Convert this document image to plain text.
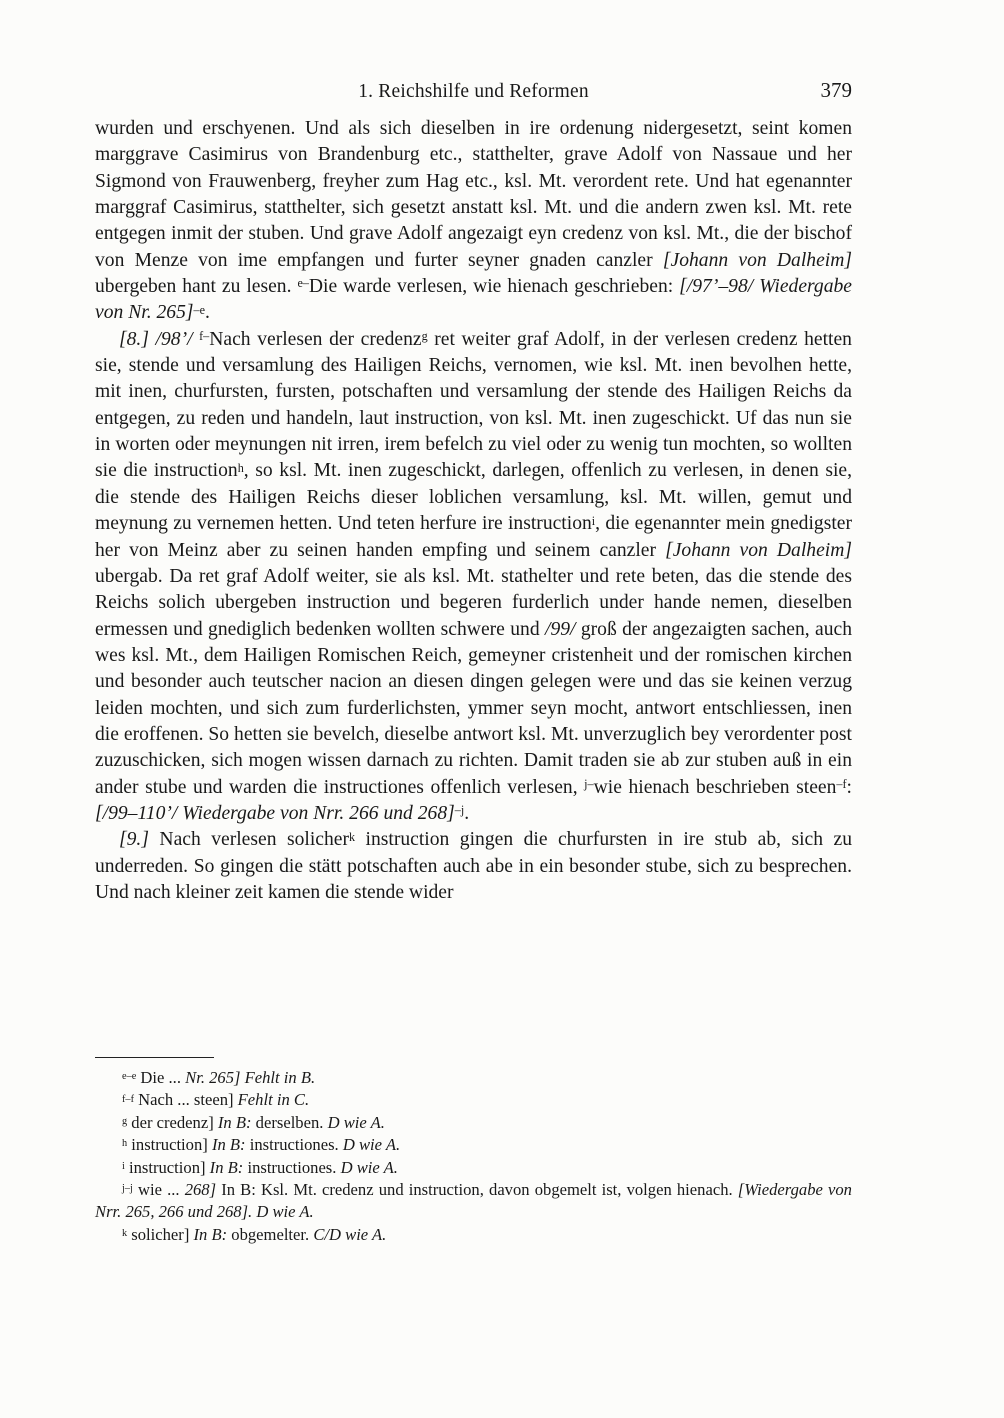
1. Reichshilfe und Reformen	379

wurden und erschyenen. Und als sich dieselben in ire ordenung nidergesetzt, seint komen marggrave Casimirus von Brandenburg etc., statthelter, grave Adolf von Nassaue und her Sigmond von Frauwenberg, freyher zum Hag etc., ksl. Mt. verordent rete. Und hat egenannter marggraf Casimirus, statthelter, sich gesetzt anstatt ksl. Mt. und die andern zwen ksl. Mt. rete entgegen inmit der stuben. Und grave Adolf angezaigt eyn credenz von ksl. Mt., die der bischof von Menze von ime empfangen und furter seyner gnaden canzler [Johann von Dalheim] ubergeben hant zu lesen. $^{e-}$Die warde verlesen, wie hienach geschrieben: [/97’–98/ Wiedergabe von Nr. 265]$^{-e}$.

[8.] /98’/ $^{f-}$Nach verlesen der credenz$^g$ ret weiter graf Adolf, in der verlesen credenz hetten sie, stende und versamlung des Hailigen Reichs, vernomen, wie ksl. Mt. inen bevolhen hette, mit inen, churfursten, fursten, potschaften und versamlung der stende des Hailigen Reichs da entgegen, zu reden und handeln, laut instruction, von ksl. Mt. inen zugeschickt. Uf das nun sie in worten oder meynungen nit irren, irem befelch zu viel oder zu wenig tun mochten, so wollten sie die instruction$^h$, so ksl. Mt. inen zugeschickt, darlegen, offenlich zu verlesen, in denen sie, die stende des Hailigen Reichs dieser loblichen versamlung, ksl. Mt. willen, gemut und meynung zu vernemen hetten. Und teten herfure ire instruction$^i$, die egenannter mein gnedigster her von Meinz aber zu seinen handen empfing und seinem canzler [Johann von Dalheim] ubergab. Da ret graf Adolf weiter, sie als ksl. Mt. stathelter und rete beten, das die stende des Reichs solich ubergeben instruction und begeren furderlich under hande nemen, dieselben ermessen und gnediglich bedenken wollten schwere und /99/ groß der angezaigten sachen, auch wes ksl. Mt., dem Hailigen Romischen Reich, gemeyner cristenheit und der romischen kirchen und besonder auch teutscher nacion an diesen dingen gelegen were und das sie keinen verzug leiden mochten, und sich zum furderlichsten, ymmer seyn mocht, antwort entschliessen, inen die eroffenen. So hetten sie bevelch, dieselbe antwort ksl. Mt. unverzuglich bey verordenter post zuzuschicken, sich mogen wissen darnach zu richten. Damit traden sie ab zur stuben auß in ein ander stube und warden die instructiones offenlich verlesen, $^{j-}$wie hienach beschrieben steen$^{-f}$: [/99–110’/ Wiedergabe von Nrr. 266 und 268]$^{-j}$.

[9.] Nach verlesen solicher$^k$ instruction gingen die churfursten in ire stub ab, sich zu underreden. So gingen die stätt potschaften auch abe in ein besonder stube, sich zu besprechen. Und nach kleiner zeit kamen die stende wider

$^{e-e}$ Die ... Nr. 265] Fehlt in B.

$^{f-f}$ Nach ... steen] Fehlt in C.

$^g$ der credenz] In B: derselben. D wie A.

$^h$ instruction] In B: instructiones. D wie A.

$^i$ instruction] In B: instructiones. D wie A.

$^{j-j}$ wie ... 268] In B: Ksl. Mt. credenz und instruction, davon obgemelt ist, volgen hienach. [Wiedergabe von Nrr. 265, 266 und 268]. D wie A.

$^k$ solicher] In B: obgemelter. C/D wie A.
